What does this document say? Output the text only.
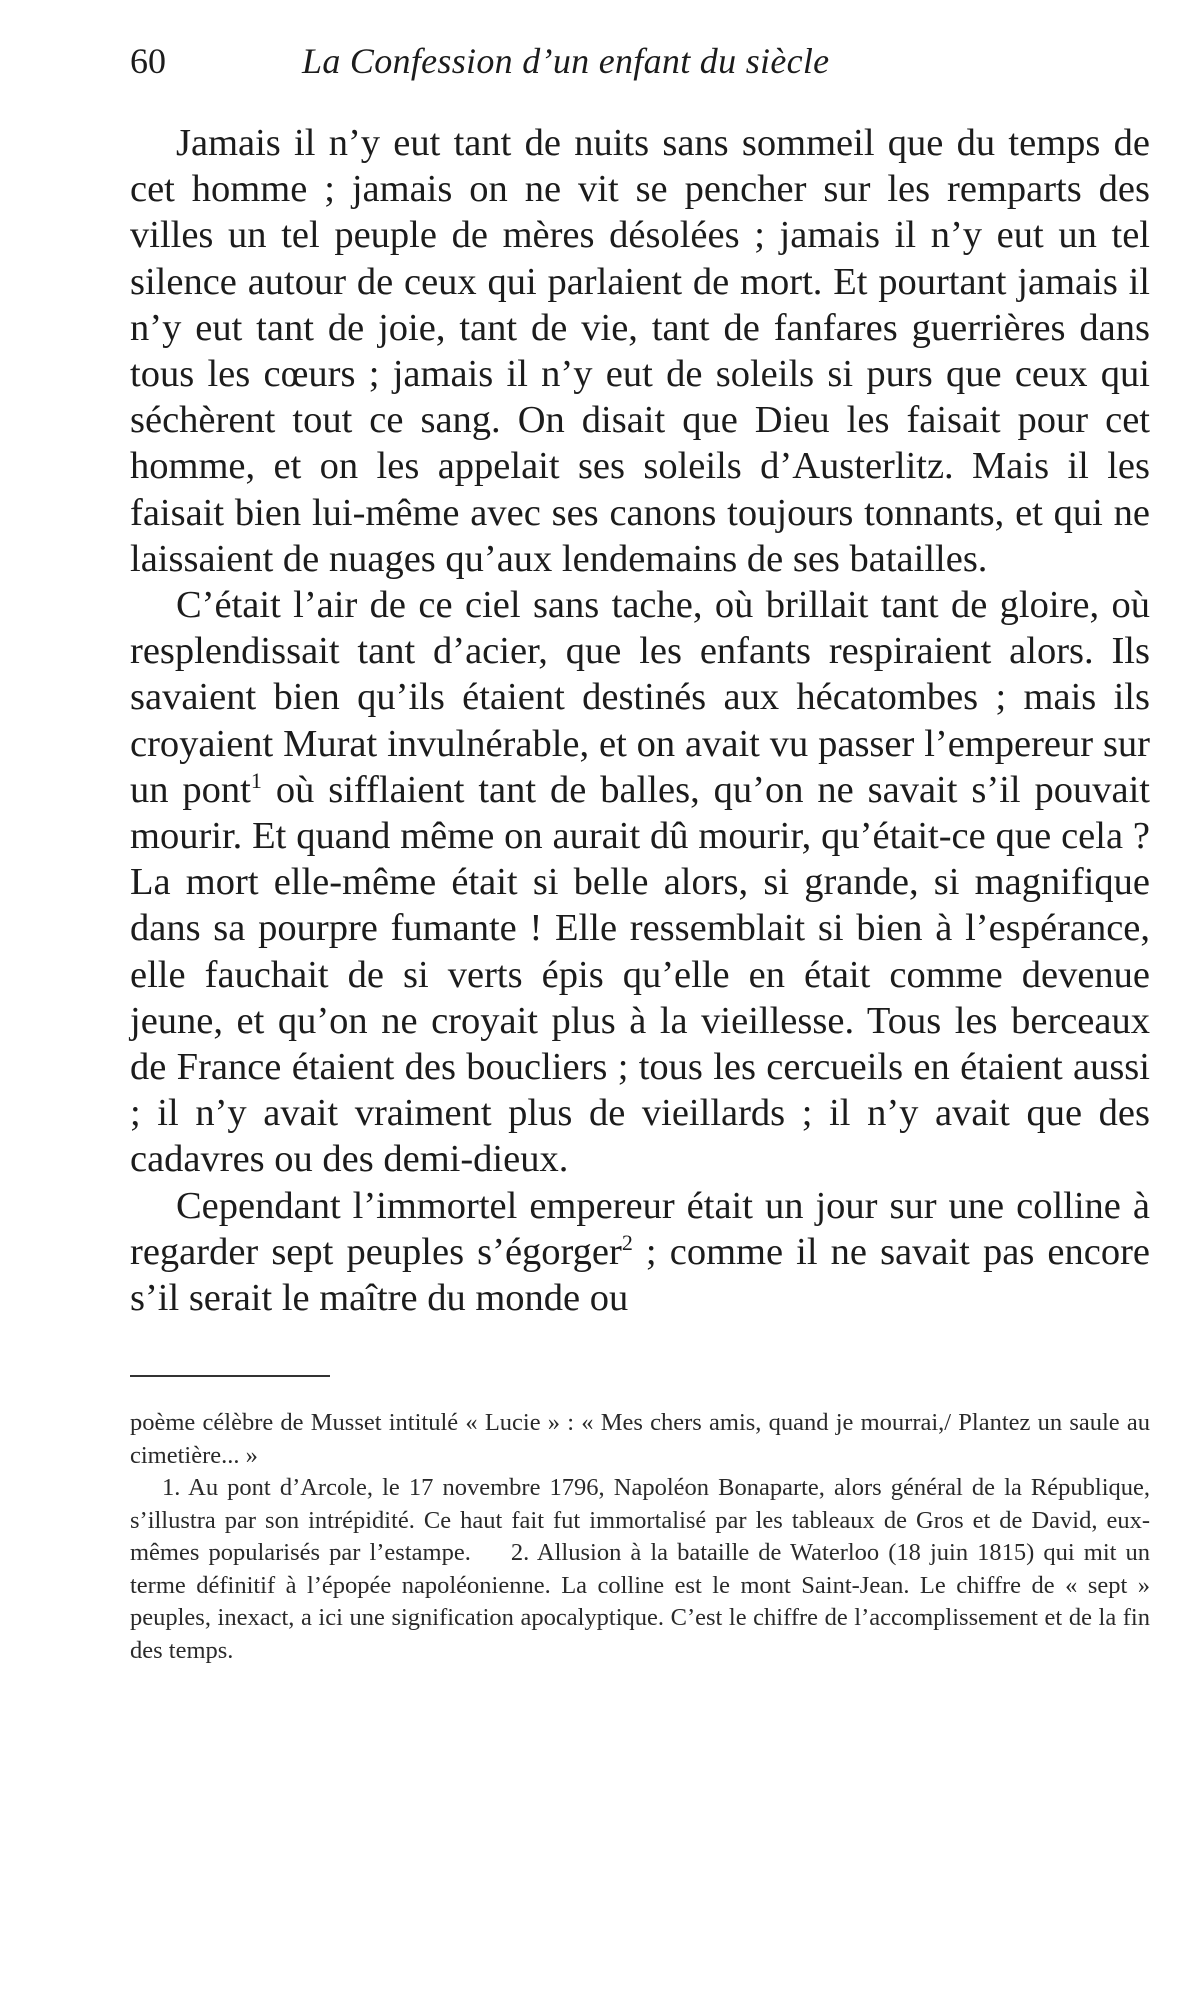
60	La Confession d’un enfant du siècle

Jamais il n’y eut tant de nuits sans sommeil que du temps de cet homme ; jamais on ne vit se pencher sur les remparts des villes un tel peuple de mères désolées ; jamais il n’y eut un tel silence autour de ceux qui parlaient de mort. Et pourtant jamais il n’y eut tant de joie, tant de vie, tant de fanfares guerrières dans tous les cœurs ; jamais il n’y eut de soleils si purs que ceux qui séchèrent tout ce sang. On disait que Dieu les faisait pour cet homme, et on les appelait ses soleils d’Austerlitz. Mais il les faisait bien lui-même avec ses canons toujours tonnants, et qui ne laissaient de nuages qu’aux lendemains de ses batailles.

C’était l’air de ce ciel sans tache, où brillait tant de gloire, où resplendissait tant d’acier, que les enfants respiraient alors. Ils savaient bien qu’ils étaient destinés aux hécatombes ; mais ils croyaient Murat invulnérable, et on avait vu passer l’empereur sur un pont$^1$ où sifflaient tant de balles, qu’on ne savait s’il pouvait mourir. Et quand même on aurait dû mourir, qu’était-ce que cela ? La mort elle-même était si belle alors, si grande, si magnifique dans sa pourpre fumante ! Elle ressemblait si bien à l’espérance, elle fauchait de si verts épis qu’elle en était comme devenue jeune, et qu’on ne croyait plus à la vieillesse. Tous les berceaux de France étaient des boucliers ; tous les cercueils en étaient aussi ; il n’y avait vraiment plus de vieillards ; il n’y avait que des cadavres ou des demi-dieux.

Cependant l’immortel empereur était un jour sur une colline à regarder sept peuples s’égorger$^2$ ; comme il ne savait pas encore s’il serait le maître du monde ou

poème célèbre de Musset intitulé « Lucie » : « Mes chers amis, quand je mourrai,/ Plantez un saule au cimetière... »

1. Au pont d’Arcole, le 17 novembre 1796, Napoléon Bonaparte, alors général de la République, s’illustra par son intrépidité. Ce haut fait fut immortalisé par les tableaux de Gros et de David, eux-mêmes popularisés par l’estampe. 2. Allusion à la bataille de Waterloo (18 juin 1815) qui mit un terme définitif à l’épopée napoléonienne. La colline est le mont Saint-Jean. Le chiffre de « sept » peuples, inexact, a ici une signification apocalyptique. C’est le chiffre de l’accomplissement et de la fin des temps.
